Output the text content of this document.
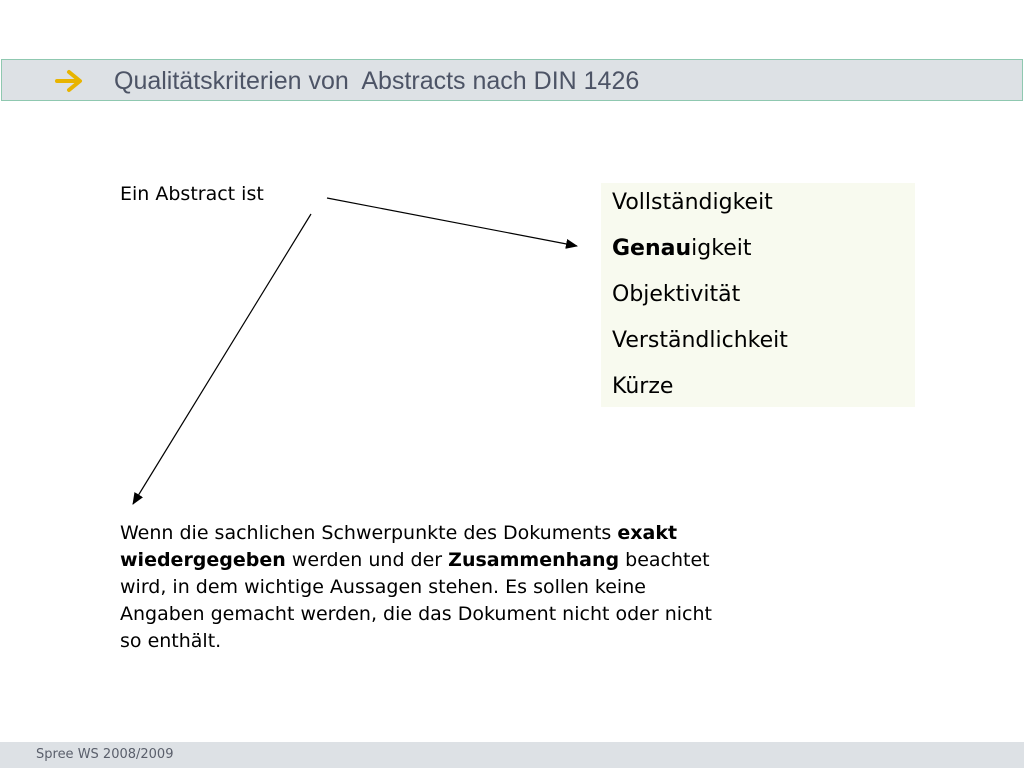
Qualitätskriterien von  Abstracts nach DIN 1426
Ein Abstract ist	Vollständigkeit
Genauigkeit
Objektivität
Verständlichkeit
Kürze
Wenn die sachlichen Schwerpunkte des Dokuments exakt wiedergegeben werden und der Zusammenhang beachtet wird, in dem wichtige Aussagen stehen. Es sollen keine Angaben gemacht werden, die das Dokument nicht oder nicht so enthält.
Spree WS 2008/2009
